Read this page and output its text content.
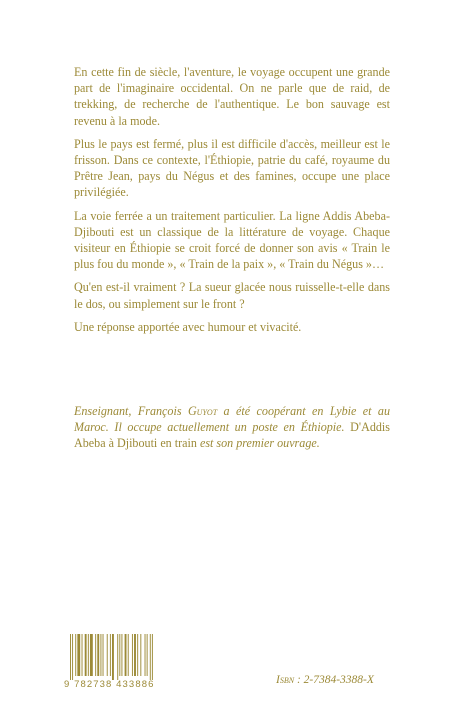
En cette fin de siècle, l'aventure, le voyage occupent une grande part de l'imaginaire occidental. On ne parle que de raid, de trekking, de recherche de l'authentique. Le bon sauvage est revenu à la mode.

Plus le pays est fermé, plus il est difficile d'accès, meilleur est le frisson. Dans ce contexte, l'Éthiopie, patrie du café, royaume du Prêtre Jean, pays du Négus et des famines, occupe une place privilégiée.

La voie ferrée a un traitement particulier. La ligne Addis Abeba-Djibouti est un classique de la littérature de voyage. Chaque visiteur en Éthiopie se croit forcé de donner son avis « Train le plus fou du monde », « Train de la paix », « Train du Négus »…

Qu'en est-il vraiment ? La sueur glacée nous ruisselle-t-elle dans le dos, ou simplement sur le front ?

Une réponse apportée avec humour et vivacité.

Enseignant, François Guyot a été coopérant en Lybie et au Maroc. Il occupe actuellement un poste en Éthiopie. D'Addis Abeba à Djibouti en train est son premier ouvrage.

9 782738 433886	Isbn : 2-7384-3388-X
